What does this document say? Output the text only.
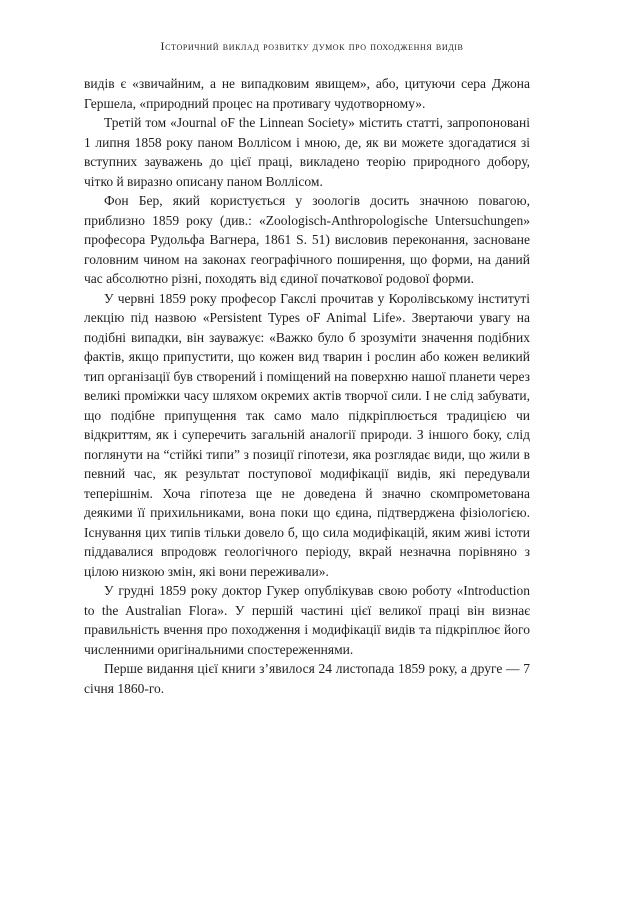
Історичний виклад розвитку думок про походження видів

видів є «звичайним, а не випадковим явищем», або, цитуючи сера Джона Гершела, «природний процес на противагу чудотворному».

Третій том «Journal oF the Linnean Society» містить статті, запропоновані 1 липня 1858 року паном Воллісом і мною, де, як ви можете здогадатися зі вступних зауважень до цієї праці, викладено теорію природного добору, чітко й виразно описану паном Воллісом.

Фон Бер, який користується у зоологів досить значною повагою, приблизно 1859 року (див.: «Zoologisch-Anthropologische Untersuchungen» професора Рудольфа Вагнера, 1861 S. 51) висловив переконання, засноване головним чином на законах географічного поширення, що форми, на даний час абсолютно різні, походять від єдиної початкової родової форми.

У червні 1859 року професор Гакслі прочитав у Королівському інституті лекцію під назвою «Persistent Types oF Animal Life». Звертаючи увагу на подібні випадки, він зауважує: «Важко було б зрозуміти значення подібних фактів, якщо припустити, що кожен вид тварин і рослин або кожен великий тип організації був створений і поміщений на поверхню нашої планети через великі проміжки часу шляхом окремих актів творчої сили. І не слід забувати, що подібне припущення так само мало підкріплюється традицією чи відкриттям, як і суперечить загальній аналогії природи. З іншого боку, слід поглянути на “стійкі типи” з позиції гіпотези, яка розглядає види, що жили в певний час, як результат поступової модифікації видів, які передували теперішнім. Хоча гіпотеза ще не доведена й значно скомпрометована деякими її прихильниками, вона поки що єдина, підтверджена фізіологією. Існування цих типів тільки довело б, що сила модифікацій, яким живі істоти піддавалися впродовж геологічного періоду, вкрай незначна порівняно з цілою низкою змін, які вони переживали».

У грудні 1859 року доктор Гукер опублікував свою роботу «Introduction to the Australian Flora». У першій частині цієї великої праці він визнає правильність вчення про походження і модифікації видів та підкріплює його численними оригінальними спостереженнями.

Перше видання цієї книги з’явилося 24 листопада 1859 року, а друге — 7 січня 1860-го.
